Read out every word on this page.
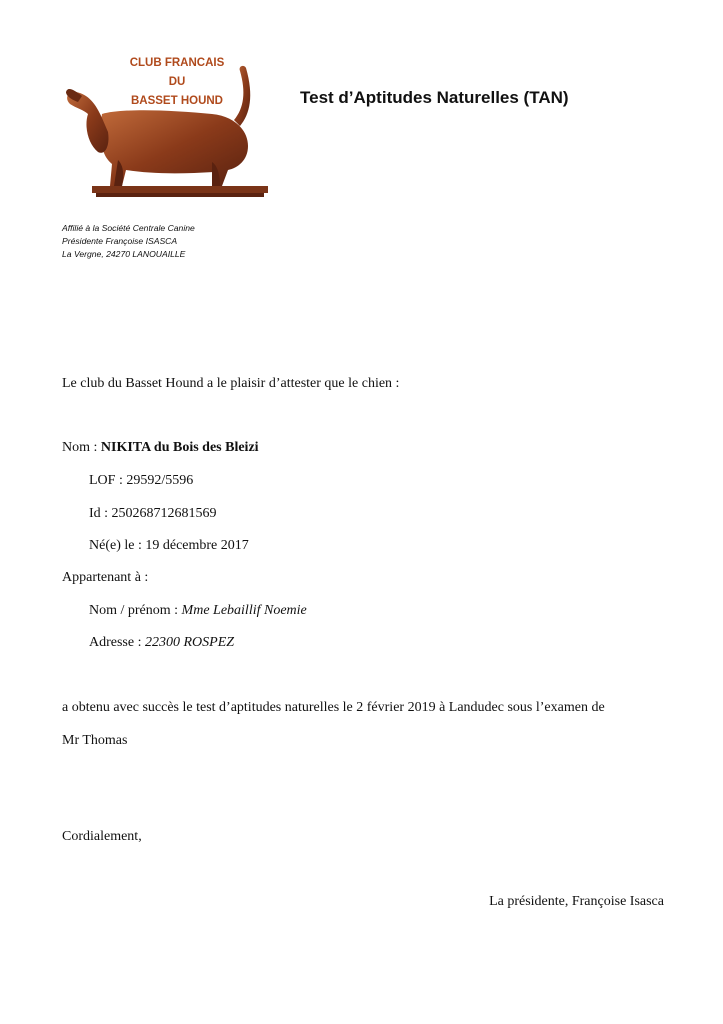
CLUB FRANCAIS
DU
BASSET HOUND	Test d’Aptitudes Naturelles (TAN)
Affilié à la Société Centrale Canine
Présidente Françoise ISASCA
La Vergne, 24270 LANOUAILLE
Le club du Basset Hound a le plaisir d’attester que le chien :
Nom : NIKITA du Bois des Bleizi
LOF : 29592/5596
Id : 250268712681569
Né(e) le : 19 décembre 2017
Appartenant à :
Nom / prénom : Mme Lebaillif Noemie
Adresse : 22300 ROSPEZ
a obtenu avec succès le test d’aptitudes naturelles le 2 février 2019 à Landudec sous l’examen de
Mr Thomas
Cordialement,
La présidente, Françoise Isasca
